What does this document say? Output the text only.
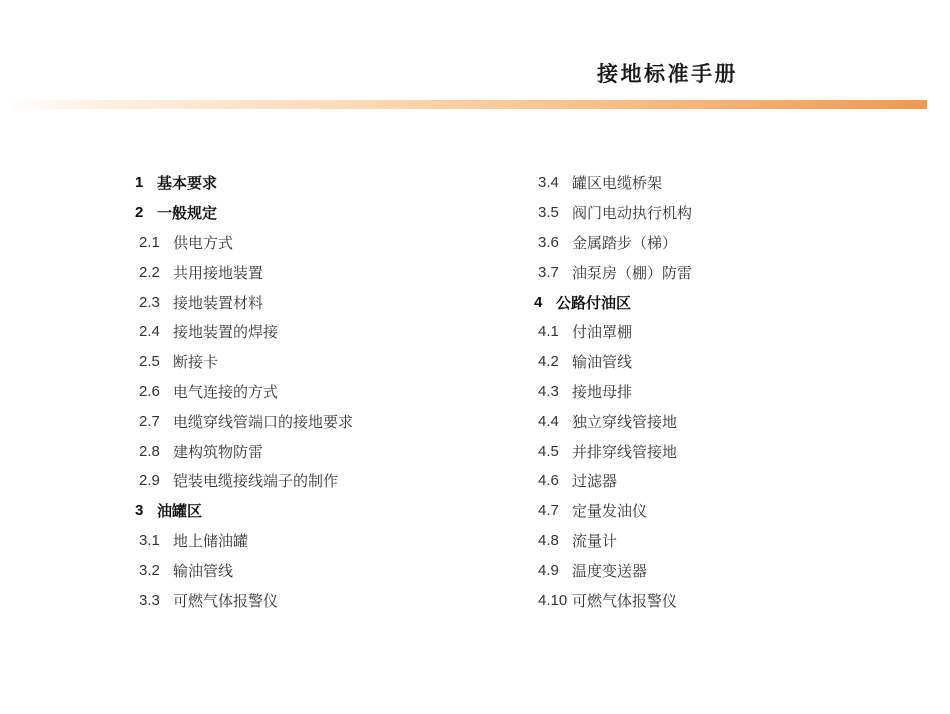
接地标准手册
1 基本要求
2 一般规定
2.1 供电方式
2.2 共用接地装置
2.3 接地装置材料
2.4 接地装置的焊接
2.5 断接卡
2.6 电气连接的方式
2.7 电缆穿线管端口的接地要求
2.8 建构筑物防雷
2.9 铠装电缆接线端子的制作
3 油罐区
3.1 地上储油罐
3.2 输油管线
3.3 可燃气体报警仪
3.4 罐区电缆桥架
3.5 阀门电动执行机构
3.6 金属踏步（梯）
3.7 油泵房（棚）防雷
4 公路付油区
4.1 付油罩棚
4.2 输油管线
4.3 接地母排
4.4 独立穿线管接地
4.5 并排穿线管接地
4.6 过滤器
4.7 定量发油仪
4.8 流量计
4.9 温度变送器
4.10 可燃气体报警仪
